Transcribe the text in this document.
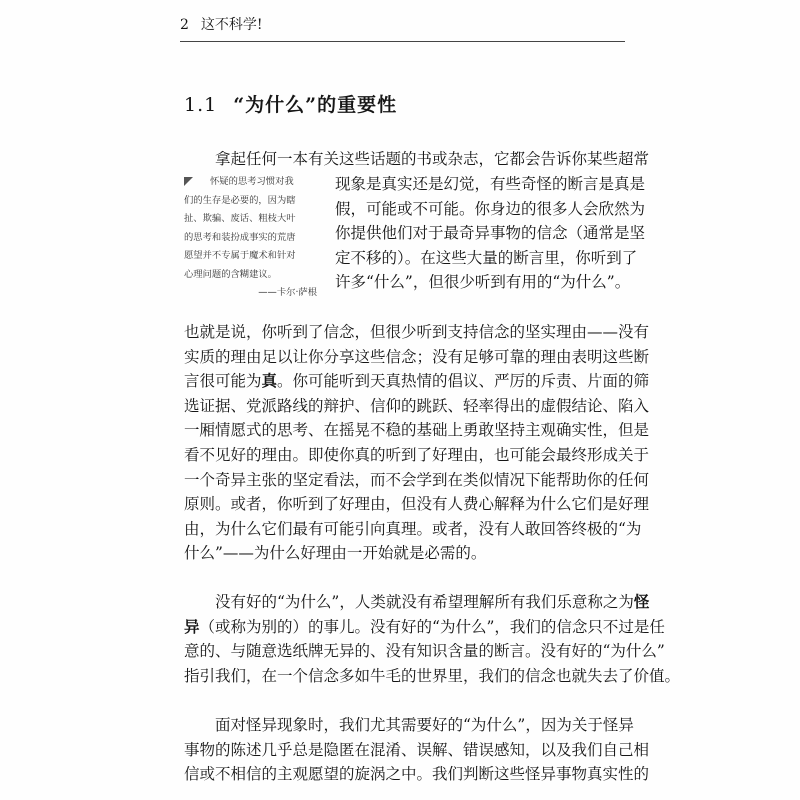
2 这不科学!
1.1 “为什么”的重要性
怀疑的思考习惯对我
们的生存是必要的，因为瞎
扯、欺骗、废话、粗枝大叶
的思考和装扮成事实的荒唐
愿望并不专属于魔术和针对
心理问题的含糊建议。
——卡尔·萨根
拿起任何一本有关这些话题的书或杂志，它都会告诉你某些超常
现象是真实还是幻觉，有些奇怪的断言是真是
假，可能或不可能。你身边的很多人会欣然为
你提供他们对于最奇异事物的信念（通常是坚
定不移的）。在这些大量的断言里，你听到了
许多“什么”，但很少听到有用的“为什么”。
也就是说，你听到了信念，但很少听到支持信念的坚实理由——没有
实质的理由足以让你分享这些信念；没有足够可靠的理由表明这些断
言很可能为真。你可能听到天真热情的倡议、严厉的斥责、片面的筛
选证据、党派路线的辩护、信仰的跳跃、轻率得出的虚假结论、陷入
一厢情愿式的思考、在摇晃不稳的基础上勇敢坚持主观确实性，但是
看不见好的理由。即使你真的听到了好理由，也可能会最终形成关于
一个奇异主张的坚定看法，而不会学到在类似情况下能帮助你的任何
原则。或者，你听到了好理由，但没有人费心解释为什么它们是好理
由，为什么它们最有可能引向真理。或者，没有人敢回答终极的“为
什么”——为什么好理由一开始就是必需的。
没有好的“为什么”，人类就没有希望理解所有我们乐意称之为怪
异（或称为别的）的事儿。没有好的“为什么”，我们的信念只不过是任
意的、与随意选纸牌无异的、没有知识含量的断言。没有好的“为什么”
指引我们，在一个信念多如牛毛的世界里，我们的信念也就失去了价值。
面对怪异现象时，我们尤其需要好的“为什么”，因为关于怪异
事物的陈述几乎总是隐匿在混淆、误解、错误感知，以及我们自己相
信或不相信的主观愿望的旋涡之中。我们判断这些怪异事物真实性的
